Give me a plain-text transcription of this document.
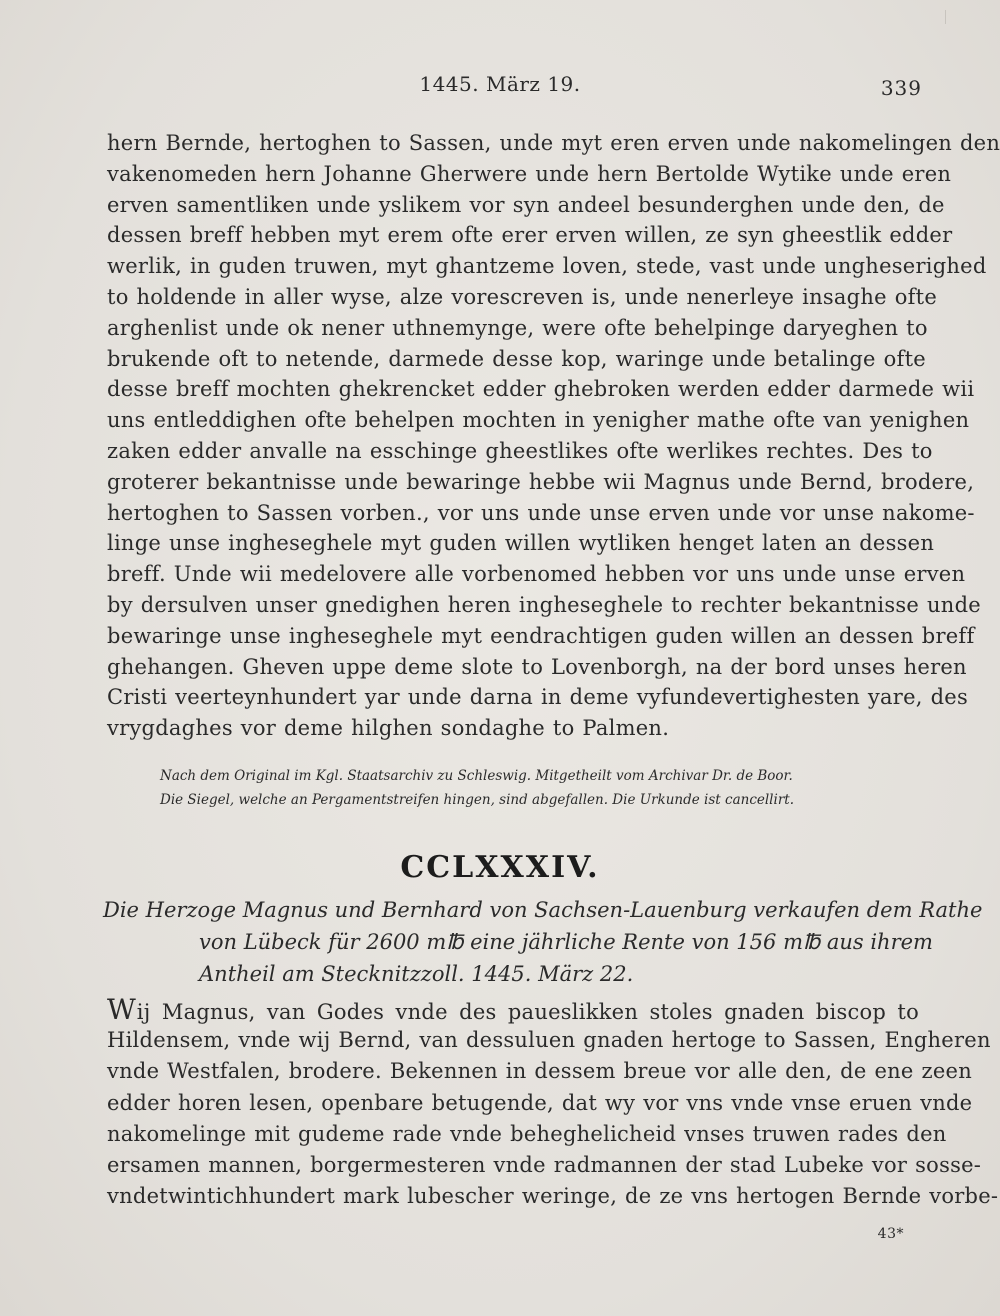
1445. März 19.	339
hern Bernde, hertoghen to Sassen, unde myt eren erven unde nakomelingen den
vakenomeden hern Johanne Gherwere unde hern Bertolde Wytike unde eren
erven samentliken unde yslikem vor syn andeel besunderghen unde den, de
dessen breff hebben myt erem ofte erer erven willen, ze syn gheestlik edder
werlik, in guden truwen, myt ghantzeme loven, stede, vast unde ungheserighed
to holdende in aller wyse, alze vorescreven is, unde nenerleye insaghe ofte
arghenlist unde ok nener uthnemynge, were ofte behelpinge daryeghen to
brukende oft to netende, darmede desse kop, waringe unde betalinge ofte
desse breff mochten ghekrencket edder ghebroken werden edder darmede wii
uns entleddighen ofte behelpen mochten in yenigher mathe ofte van yenighen
zaken edder anvalle na esschinge gheestlikes ofte werlikes rechtes. Des to
groterer bekantnisse unde bewaringe hebbe wii Magnus unde Bernd, brodere,
hertoghen to Sassen vorben., vor uns unde unse erven unde vor unse nakome-
linge unse ingheseghele myt guden willen wytliken henget laten an dessen
breff. Unde wii medelovere alle vorbenomed hebben vor uns unde unse erven
by dersulven unser gnedighen heren ingheseghele to rechter bekantnisse unde
bewaringe unse ingheseghele myt eendrachtigen guden willen an dessen breff
ghehangen. Gheven uppe deme slote to Lovenborgh, na der bord unses heren
Cristi veerteynhundert yar unde darna in deme vyfundevertighesten yare, des
vrygdaghes vor deme hilghen sondaghe to Palmen.
Nach dem Original im Kgl. Staatsarchiv zu Schleswig. Mitgetheilt vom Archivar Dr. de Boor.
Die Siegel, welche an Pergamentstreifen hingen, sind abgefallen. Die Urkunde ist cancellirt.
CCLXXXIV.
Die Herzoge Magnus und Bernhard von Sachsen-Lauenburg verkaufen dem Rathe
von Lübeck für 2600 m℔ eine jährliche Rente von 156 m℔ aus ihrem
Antheil am Stecknitzzoll. 1445. März 22.
Wij Magnus, van Godes vnde des paueslikken stoles gnaden biscop to
Hildensem, vnde wij Bernd, van dessuluen gnaden hertoge to Sassen, Engheren
vnde Westfalen, brodere. Bekennen in dessem breue vor alle den, de ene zeen
edder horen lesen, openbare betugende, dat wy vor vns vnde vnse eruen vnde
nakomelinge mit gudeme rade vnde beheghelicheid vnses truwen rades den
ersamen mannen, borgermesteren vnde radmannen der stad Lubeke vor sosse-
vndetwintichhundert mark lubescher weringe, de ze vns hertogen Bernde vorbe-
43*
